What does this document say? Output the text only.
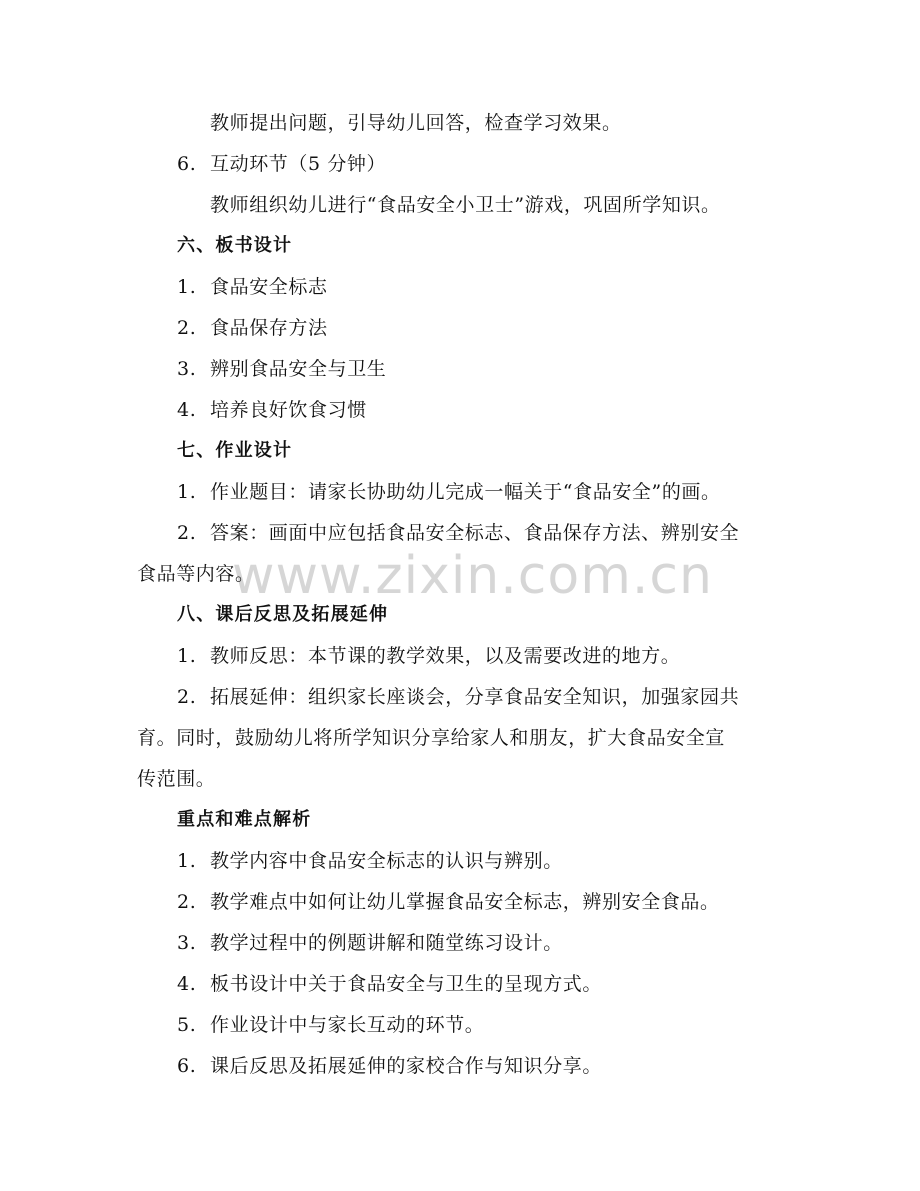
www.zixin.com.cn
教师提出问题，引导幼儿回答，检查学习效果。
6. 互动环节（5 分钟）
教师组织幼儿进行“食品安全小卫士”游戏，巩固所学知识。
六、板书设计
1. 食品安全标志
2. 食品保存方法
3. 辨别食品安全与卫生
4. 培养良好饮食习惯
七、作业设计
1. 作业题目：请家长协助幼儿完成一幅关于“食品安全”的画。
2. 答案：画面中应包括食品安全标志、食品保存方法、辨别安全
食品等内容。
八、课后反思及拓展延伸
1. 教师反思：本节课的教学效果，以及需要改进的地方。
2. 拓展延伸：组织家长座谈会，分享食品安全知识，加强家园共
育。同时，鼓励幼儿将所学知识分享给家人和朋友，扩大食品安全宣
传范围。
重点和难点解析
1. 教学内容中食品安全标志的认识与辨别。
2. 教学难点中如何让幼儿掌握食品安全标志，辨别安全食品。
3. 教学过程中的例题讲解和随堂练习设计。
4. 板书设计中关于食品安全与卫生的呈现方式。
5. 作业设计中与家长互动的环节。
6. 课后反思及拓展延伸的家校合作与知识分享。
